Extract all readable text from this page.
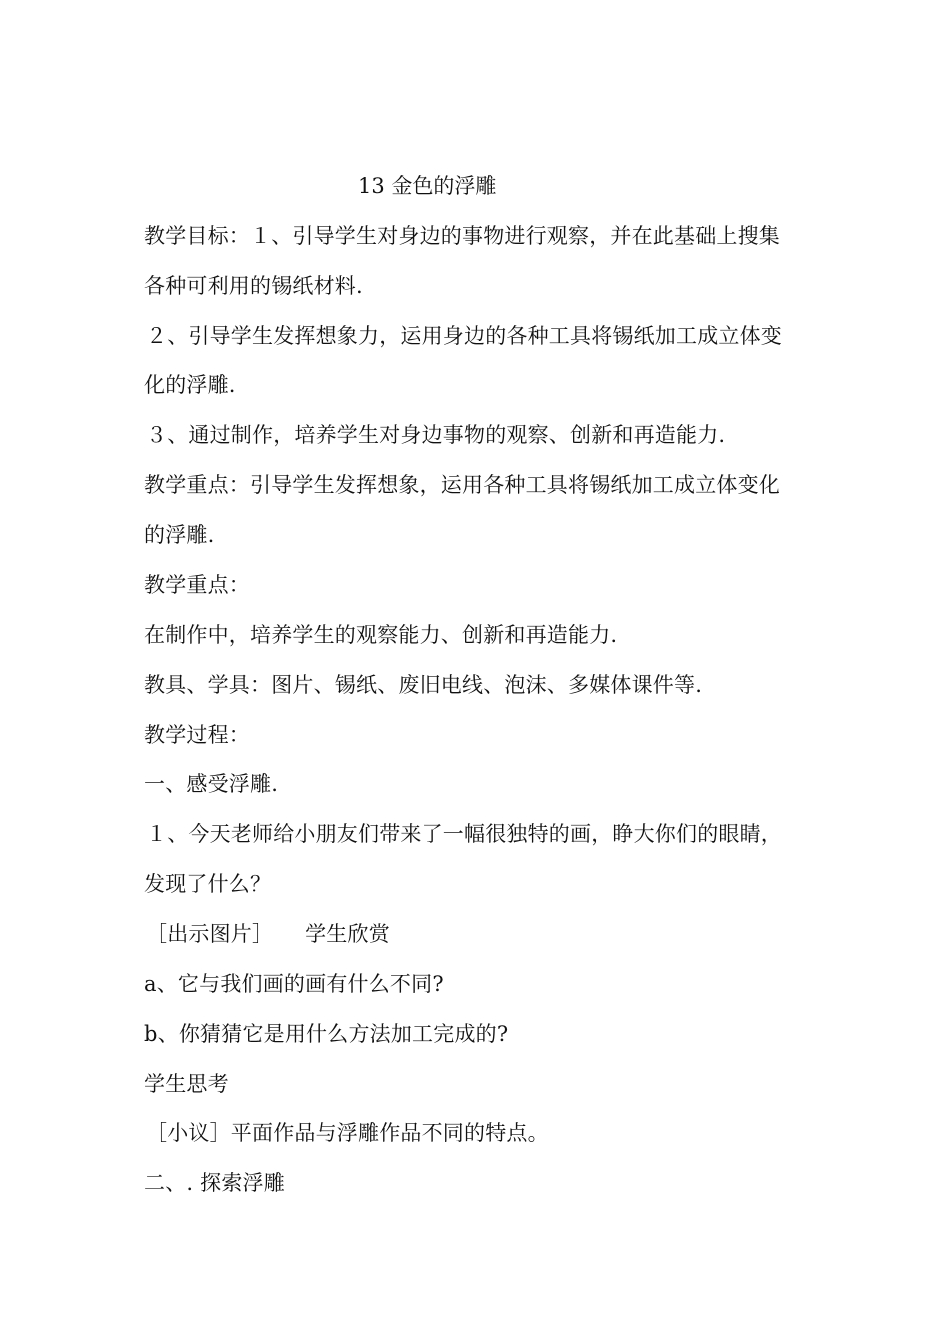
13 金色的浮雕
教学目标：１、引导学生对身边的事物进行观察，并在此基础上搜集
各种可利用的锡纸材料.
２、引导学生发挥想象力，运用身边的各种工具将锡纸加工成立体变
化的浮雕.
３、通过制作，培养学生对身边事物的观察、创新和再造能力.
教学重点：引导学生发挥想象，运用各种工具将锡纸加工成立体变化
的浮雕.
教学重点：
在制作中，培养学生的观察能力、创新和再造能力.
教具、学具：图片、锡纸、废旧电线、泡沫、多媒体课件等.
教学过程：
一、感受浮雕.
１、今天老师给小朋友们带来了一幅很独特的画，睁大你们的眼睛，
发现了什么？
［出示图片］　　学生欣赏
a、它与我们画的画有什么不同?
b、你猜猜它是用什么方法加工完成的?
学生思考
［小议］平面作品与浮雕作品不同的特点。
二、. 探索浮雕
